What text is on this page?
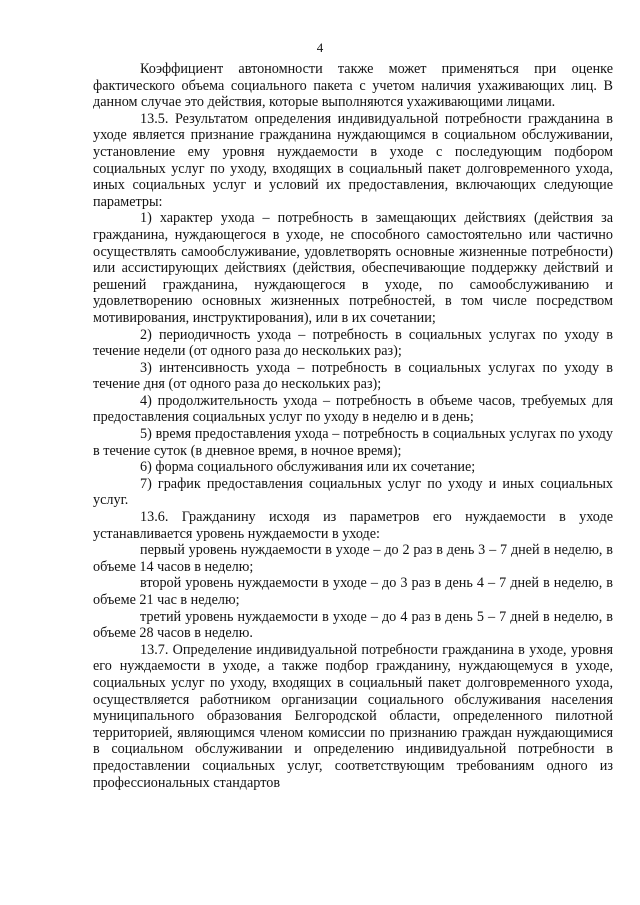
4

Коэффициент автономности также может применяться при оценке фактического объема социального пакета с учетом наличия ухаживающих лиц. В данном случае это действия, которые выполняются ухаживающими лицами.

13.5. Результатом определения индивидуальной потребности гражданина в уходе является признание гражданина нуждающимся в социальном обслуживании, установление ему уровня нуждаемости в уходе с последующим подбором социальных услуг по уходу, входящих в социальный пакет долговременного ухода, иных социальных услуг и условий их предоставления, включающих следующие параметры:

1) характер ухода – потребность в замещающих действиях (действия за гражданина, нуждающегося в уходе, не способного самостоятельно или частично осуществлять самообслуживание, удовлетворять основные жизненные потребности) или ассистирующих действиях (действия, обеспечивающие поддержку действий и решений гражданина, нуждающегося в уходе, по самообслуживанию и удовлетворению основных жизненных потребностей, в том числе посредством мотивирования, инструктирования), или в их сочетании;

2) периодичность ухода – потребность в социальных услугах по уходу в течение недели (от одного раза до нескольких раз);

3) интенсивность ухода – потребность в социальных услугах по уходу в течение дня (от одного раза до нескольких раз);

4) продолжительность ухода – потребность в объеме часов, требуемых для предоставления социальных услуг по уходу в неделю и в день;

5) время предоставления ухода – потребность в социальных услугах по уходу в течение суток (в дневное время, в ночное время);

6) форма социального обслуживания или их сочетание;

7) график предоставления социальных услуг по уходу и иных социальных услуг.

13.6. Гражданину исходя из параметров его нуждаемости в уходе устанавливается уровень нуждаемости в уходе:

первый уровень нуждаемости в уходе – до 2 раз в день 3 – 7 дней в неделю, в объеме 14 часов в неделю;

второй уровень нуждаемости в уходе – до 3 раз в день 4 – 7 дней в неделю, в объеме 21 час в неделю;

третий уровень нуждаемости в уходе – до 4 раз в день 5 – 7 дней в неделю, в объеме 28 часов в неделю.

13.7. Определение индивидуальной потребности гражданина в уходе, уровня его нуждаемости в уходе, а также подбор гражданину, нуждающемуся в уходе, социальных услуг по уходу, входящих в социальный пакет долговременного ухода, осуществляется работником организации социального обслуживания населения муниципального образования Белгородской области, определенного пилотной территорией, являющимся членом комиссии по признанию граждан нуждающимися в социальном обслуживании и определению индивидуальной потребности в предоставлении социальных услуг, соответствующим требованиям одного из профессиональных стандартов
